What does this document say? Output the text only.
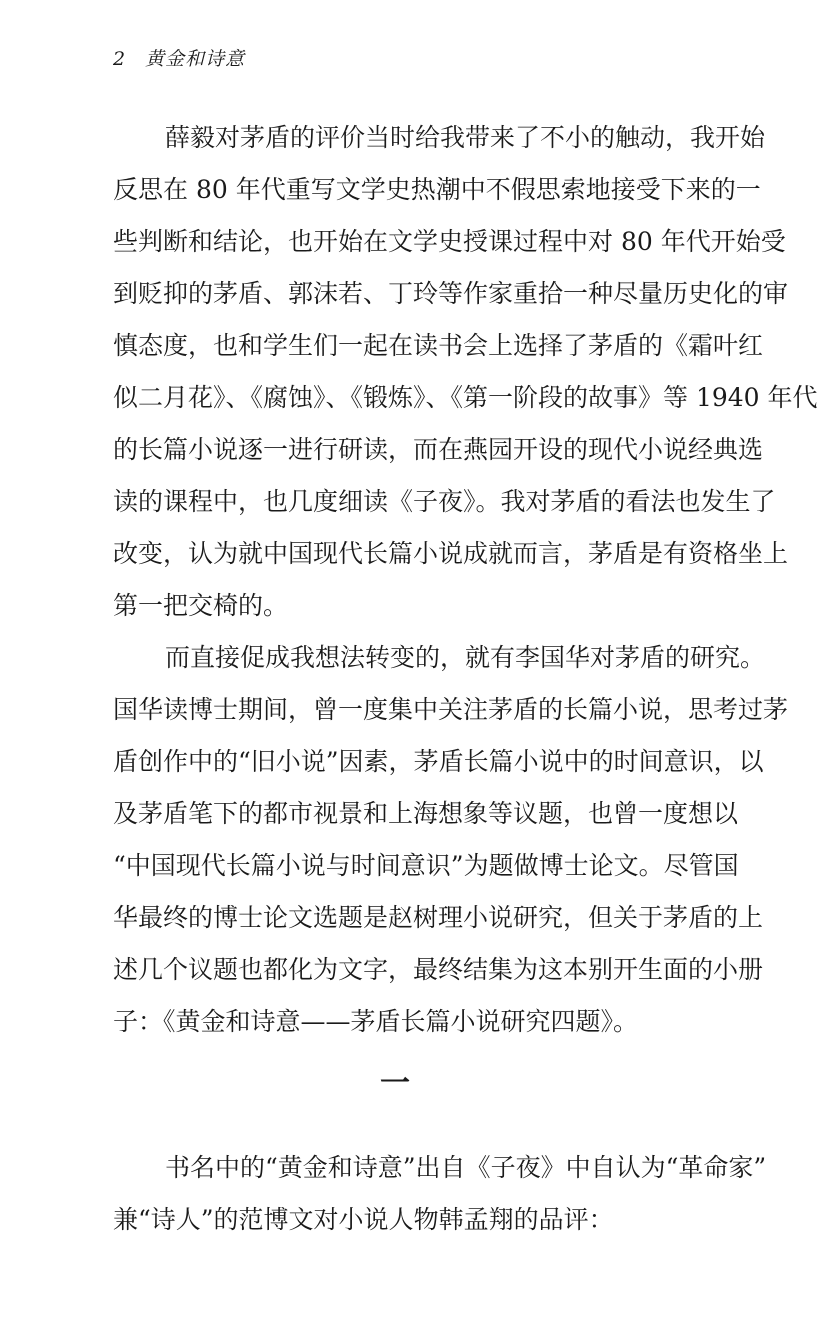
2 黄金和诗意
薛毅对茅盾的评价当时给我带来了不小的触动，我开始
反思在 80 年代重写文学史热潮中不假思索地接受下来的一
些判断和结论，也开始在文学史授课过程中对 80 年代开始受
到贬抑的茅盾、郭沫若、丁玲等作家重拾一种尽量历史化的审
慎态度，也和学生们一起在读书会上选择了茅盾的《霜叶红
似二月花》、《腐蚀》、《锻炼》、《第一阶段的故事》等 1940 年代
的长篇小说逐一进行研读，而在燕园开设的现代小说经典选
读的课程中，也几度细读《子夜》。我对茅盾的看法也发生了
改变，认为就中国现代长篇小说成就而言，茅盾是有资格坐上
第一把交椅的。
而直接促成我想法转变的，就有李国华对茅盾的研究。
国华读博士期间，曾一度集中关注茅盾的长篇小说，思考过茅
盾创作中的“旧小说”因素，茅盾长篇小说中的时间意识，以
及茅盾笔下的都市视景和上海想象等议题，也曾一度想以
“中国现代长篇小说与时间意识”为题做博士论文。尽管国
华最终的博士论文选题是赵树理小说研究，但关于茅盾的上
述几个议题也都化为文字，最终结集为这本别开生面的小册
子：《黄金和诗意——茅盾长篇小说研究四题》。
一
书名中的“黄金和诗意”出自《子夜》中自认为“革命家”
兼“诗人”的范博文对小说人物韩孟翔的品评：
